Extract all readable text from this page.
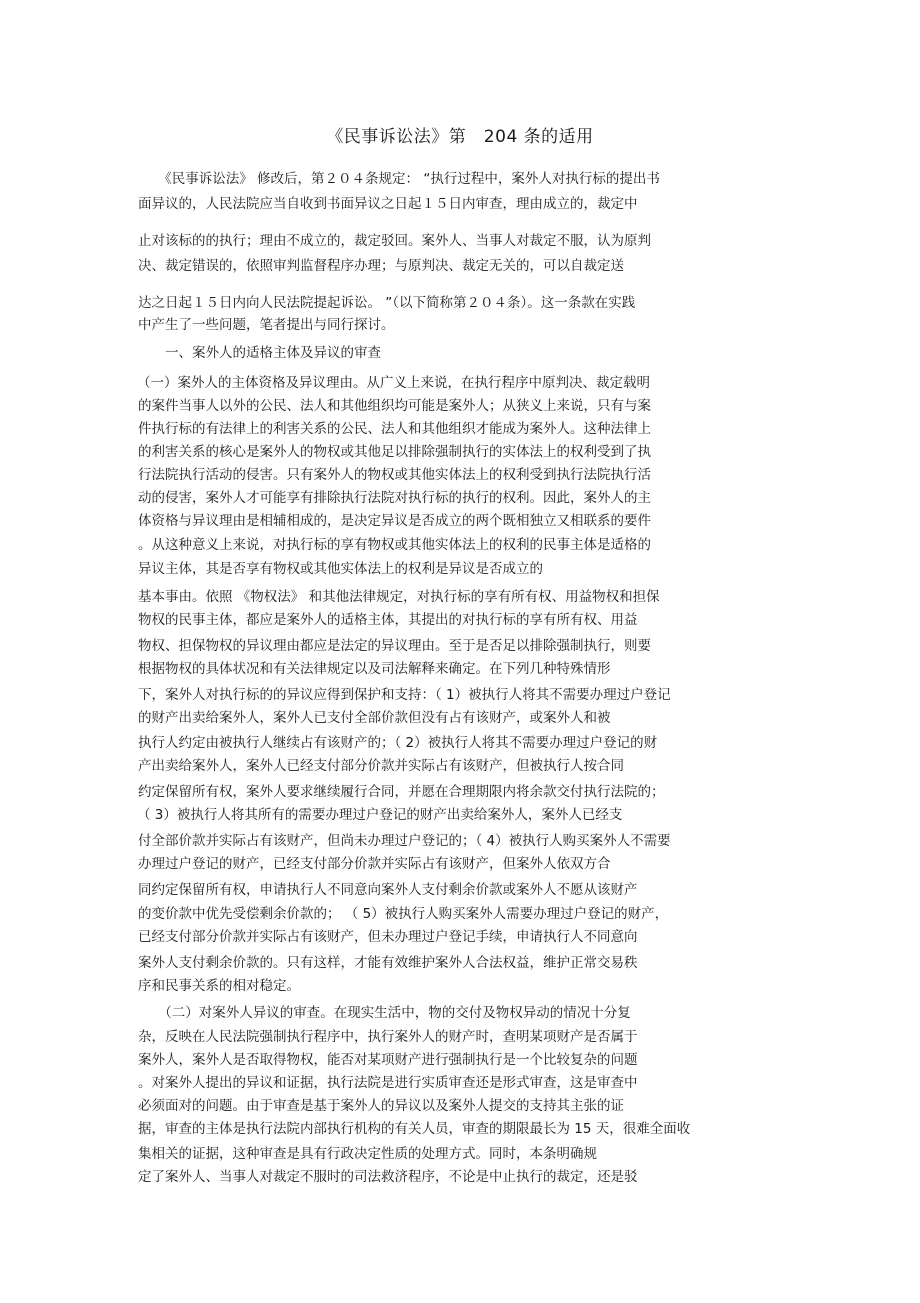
《民事诉讼法》第　204 条的适用
　　《民事诉讼法》 修改后，第２０４条规定： “执行过程中，案外人对执行标的提出书
面异议的，人民法院应当自收到书面异议之日起１５日内审查，理由成立的，裁定中
止对该标的的执行；理由不成立的，裁定驳回。案外人、当事人对裁定不服，认为原判
决、裁定错误的，依照审判监督程序办理；与原判决、裁定无关的，可以自裁定送
达之日起１５日内向人民法院提起诉讼。 ”（以下简称第２０４条）。这一条款在实践
中产生了一些问题，笔者提出与同行探讨。
　　一、案外人的适格主体及异议的审查
（一）案外人的主体资格及异议理由。从广义上来说，在执行程序中原判决、裁定载明
的案件当事人以外的公民、法人和其他组织均可能是案外人；从狭义上来说，只有与案
件执行标的有法律上的利害关系的公民、法人和其他组织才能成为案外人。这种法律上
的利害关系的核心是案外人的物权或其他足以排除强制执行的实体法上的权利受到了执
行法院执行活动的侵害。只有案外人的物权或其他实体法上的权利受到执行法院执行活
动的侵害，案外人才可能享有排除执行法院对执行标的执行的权利。因此，案外人的主
体资格与异议理由是相辅相成的，是决定异议是否成立的两个既相独立又相联系的要件
。从这种意义上来说，对执行标的享有物权或其他实体法上的权利的民事主体是适格的
异议主体，其是否享有物权或其他实体法上的权利是异议是否成立的
基本事由。依照 《物权法》 和其他法律规定，对执行标的享有所有权、用益物权和担保
物权的民事主体，都应是案外人的适格主体，其提出的对执行标的享有所有权、用益
物权、担保物权的异议理由都应是法定的异议理由。至于是否足以排除强制执行，则要
根据物权的具体状况和有关法律规定以及司法解释来确定。在下列几种特殊情形
下，案外人对执行标的的异议应得到保护和支持：（ 1）被执行人将其不需要办理过户登记
的财产出卖给案外人，案外人已支付全部价款但没有占有该财产，或案外人和被
执行人约定由被执行人继续占有该财产的；（ 2）被执行人将其不需要办理过户登记的财
产出卖给案外人，案外人已经支付部分价款并实际占有该财产，但被执行人按合同
约定保留所有权，案外人要求继续履行合同，并愿在合理期限内将余款交付执行法院的；
（ 3）被执行人将其所有的需要办理过户登记的财产出卖给案外人，案外人已经支
付全部价款并实际占有该财产，但尚未办理过户登记的；（ 4）被执行人购买案外人不需要
办理过户登记的财产，已经支付部分价款并实际占有该财产，但案外人依双方合
同约定保留所有权，申请执行人不同意向案外人支付剩余价款或案外人不愿从该财产
的变价款中优先受偿剩余价款的； （ 5）被执行人购买案外人需要办理过户登记的财产，
已经支付部分价款并实际占有该财产，但未办理过户登记手续，申请执行人不同意向
案外人支付剩余价款的。只有这样，才能有效维护案外人合法权益，维护正常交易秩
序和民事关系的相对稳定。
　　（二）对案外人异议的审查。在现实生活中，物的交付及物权异动的情况十分复
杂，反映在人民法院强制执行程序中，执行案外人的财产时，查明某项财产是否属于
案外人，案外人是否取得物权，能否对某项财产进行强制执行是一个比较复杂的问题
。对案外人提出的异议和证据，执行法院是进行实质审查还是形式审查，这是审查中
必须面对的问题。由于审查是基于案外人的异议以及案外人提交的支持其主张的证
据，审查的主体是执行法院内部执行机构的有关人员，审查的期限最长为 15 天，很难全面收
集相关的证据，这种审查是具有行政决定性质的处理方式。同时，本条明确规
定了案外人、当事人对裁定不服时的司法救济程序，不论是中止执行的裁定，还是驳
